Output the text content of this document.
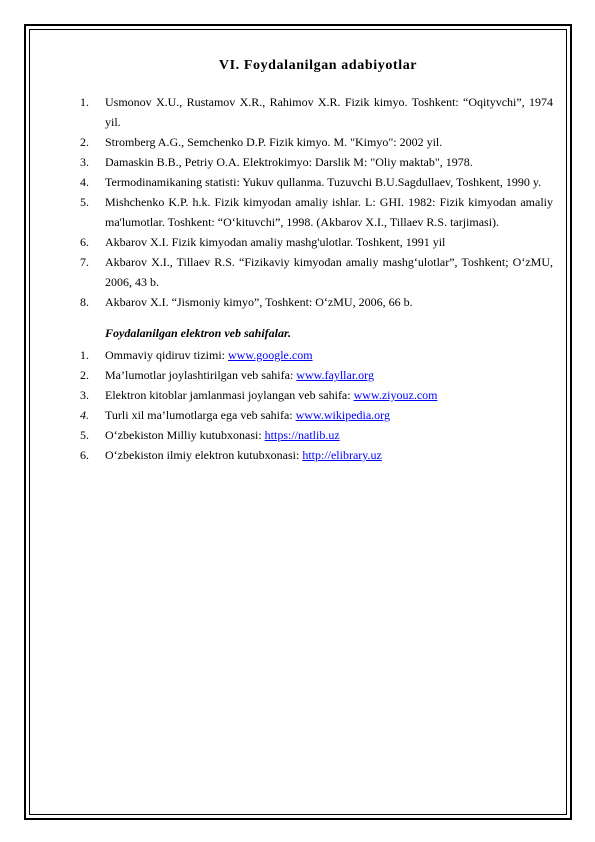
VI. Foydalanilgan adabiyotlar
1.	Usmonov X.U., Rustamov X.R., Rahimov X.R. Fizik kimyo. Toshkent: “Oqityvchi”, 1974 yil.
2.	Stromberg A.G., Semchenko D.P. Fizik kimyo. M. "Kimyo": 2002 yil.
3.	Damaskin B.B., Petriy O.A. Elektrokimyo: Darslik M: "Oliy maktab", 1978.
4.	Termodinamikaning statisti: Yukuv qullanma. Tuzuvchi B.U.Sagdullaev, Toshkent, 1990 y.
5.	Mishchenko K.P. h.k. Fizik kimyodan amaliy ishlar. L: GHI. 1982: Fizik kimyodan amaliy ma'lumotlar. Toshkent: “O‘kituvchi”, 1998. (Akbarov X.I., Tillaev R.S. tarjimasi).
6.	Akbarov X.I. Fizik kimyodan amaliy mashg'ulotlar. Toshkent, 1991 yil
7.	Akbarov X.I., Tillaev R.S. “Fizikaviy kimyodan amaliy mashg‘ulotlar”, Toshkent; O‘zMU, 2006, 43 b.
8.	Akbarov X.I. “Jismoniy kimyo”, Toshkent: O‘zMU, 2006, 66 b.
Foydalanilgan elektron veb sahifalar.
1.	Ommaviy qidiruv tizimi: www.google.com
2.	Ma’lumotlar joylashtirilgan veb sahifa: www.fayllar.org
3.	Elektron kitoblar jamlanmasi joylangan veb sahifa: www.ziyouz.com
4.	Turli xil ma’lumotlarga ega veb sahifa: www.wikipedia.org
5.	O‘zbekiston Milliy kutubxonasi: https://natlib.uz
6.	O‘zbekiston ilmiy elektron kutubxonasi: http://elibrary.uz
